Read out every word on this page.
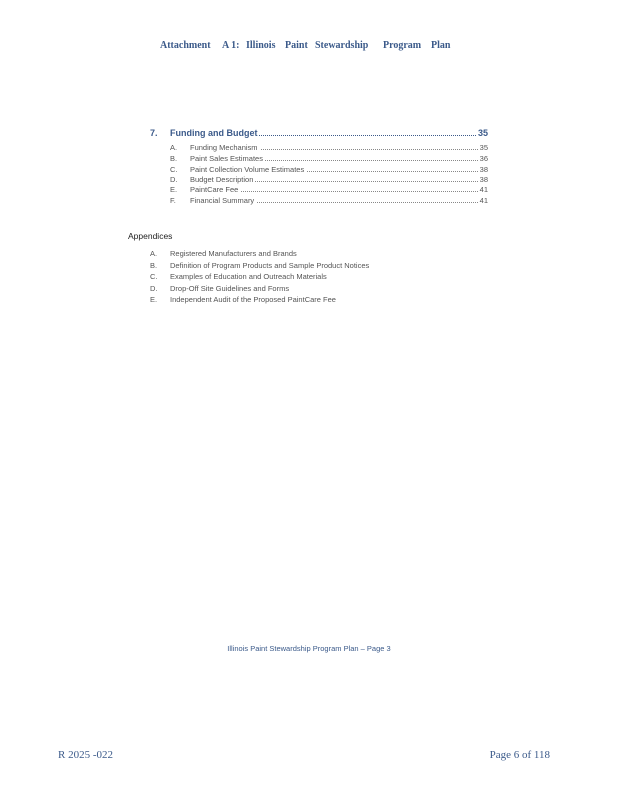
Attachment A 1: Illinois Paint Stewardship Program Plan
7. Funding and Budget	35
A. Funding Mechanism	35
B. Paint Sales Estimates	36
C. Paint Collection Volume Estimates	38
D. Budget Description	38
E. PaintCare Fee	41
F. Financial Summary	41
Appendices
A. Registered Manufacturers and Brands
B. Definition of Program Products and Sample Product Notices
C. Examples of Education and Outreach Materials
D. Drop-Off Site Guidelines and Forms
E. Independent Audit of the Proposed PaintCare Fee
Illinois Paint Stewardship Program Plan – Page 3
R 2025 -022	Page 6 of 118
